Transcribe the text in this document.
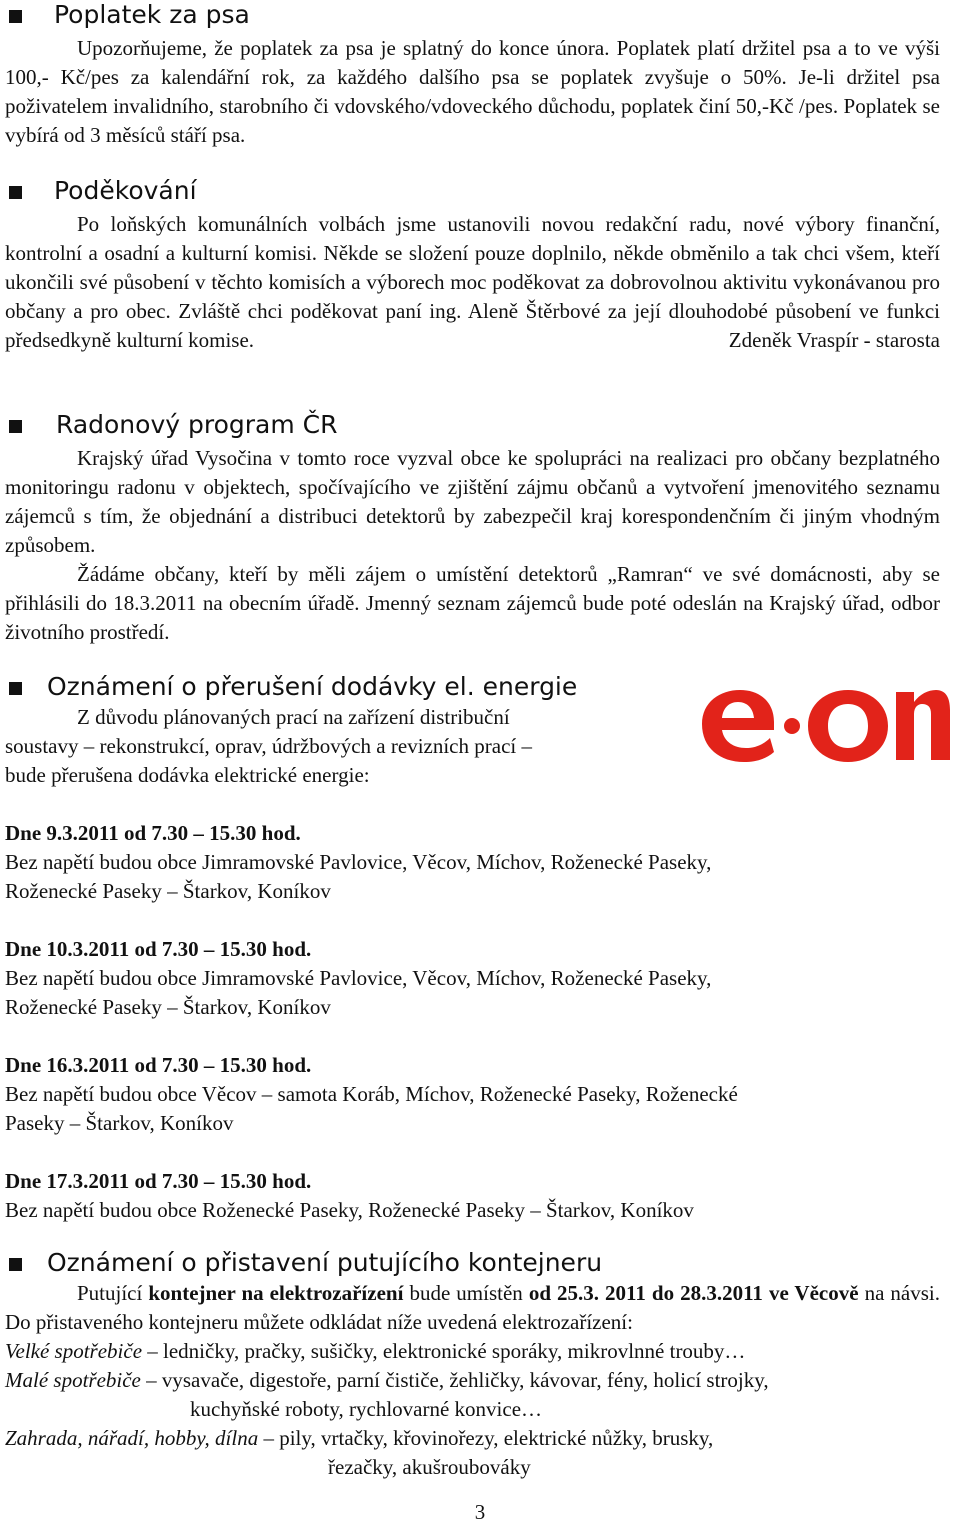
Poplatek za psa

Upozorňujeme, že poplatek za psa je splatný do konce února. Poplatek platí držitel psa a to ve výši 100,- Kč/pes za kalendářní rok, za každého dalšího psa se poplatek zvyšuje o 50%. Je-li držitel psa poživatelem invalidního, starobního či vdovského/vdoveckého důchodu, poplatek činí 50,-Kč /pes. Poplatek se vybírá od 3 měsíců stáří psa.

Poděkování

Po loňských komunálních volbách jsme ustanovili novou redakční radu, nové výbory finanční, kontrolní a osadní a kulturní komisi. Někde se složení pouze doplnilo, někde obměnilo a tak chci všem, kteří ukončili své působení v těchto komisích a výborech moc poděkovat za dobrovolnou aktivitu vykonávanou pro občany a pro obec. Zvláště chci poděkovat paní ing. Aleně Štěrbové za její dlouhodobé působení ve funkci předsedkyně kulturní komise.	Zdeněk Vraspír - starosta

Radonový program ČR

Krajský úřad Vysočina v tomto roce vyzval obce ke spolupráci na realizaci pro občany bezplatného monitoringu radonu v objektech, spočívajícího ve zjištění zájmu občanů a vytvoření jmenovitého seznamu zájemců s tím, že objednání a distribuci detektorů by zabezpečil kraj korespondenčním či jiným vhodným způsobem.

Žádáme občany, kteří by měli zájem o umístění detektorů „Ramran“ ve své domácnosti, aby se přihlásili do 18.3.2011 na obecním úřadě. Jmenný seznam zájemců bude poté odeslán na Krajský úřad, odbor životního prostředí.

Oznámení o přerušení dodávky el. energie
Z důvodu plánovaných prací na zařízení distribuční
soustavy – rekonstrukcí, oprav, údržbových a revizních prací –
bude přerušena dodávka elektrické energie:
Dne 9.3.2011 od 7.30 – 15.30 hod.
Bez napětí budou obce Jimramovské Pavlovice, Věcov, Míchov, Roženecké Paseky,
Roženecké Paseky – Štarkov, Koníkov
Dne 10.3.2011 od 7.30 – 15.30 hod.
Bez napětí budou obce Jimramovské Pavlovice, Věcov, Míchov, Roženecké Paseky,
Roženecké Paseky – Štarkov, Koníkov
Dne 16.3.2011 od 7.30 – 15.30 hod.
Bez napětí budou obce Věcov – samota Koráb, Míchov, Roženecké Paseky, Roženecké
Paseky – Štarkov, Koníkov
Dne 17.3.2011 od 7.30 – 15.30 hod.
Bez napětí budou obce Roženecké Paseky, Roženecké Paseky – Štarkov, Koníkov
Oznámení o přistavení putujícího kontejneru

Putující kontejner na elektrozařízení bude umístěn od 25.3. 2011 do 28.3.2011 ve Věcově na návsi. Do přistaveného kontejneru můžete odkládat níže uvedená elektrozařízení:

Velké spotřebiče – ledničky, pračky, sušičky, elektronické sporáky, mikrovlnné trouby…
Malé spotřebiče – vysavače, digestoře, parní čističe, žehličky, kávovar, fény, holicí strojky,
kuchyňské roboty, rychlovarné konvice…
Zahrada, nářadí, hobby, dílna – pily, vrtačky, křovinořezy, elektrické nůžky, brusky,
řezačky, akušroubováky
3
